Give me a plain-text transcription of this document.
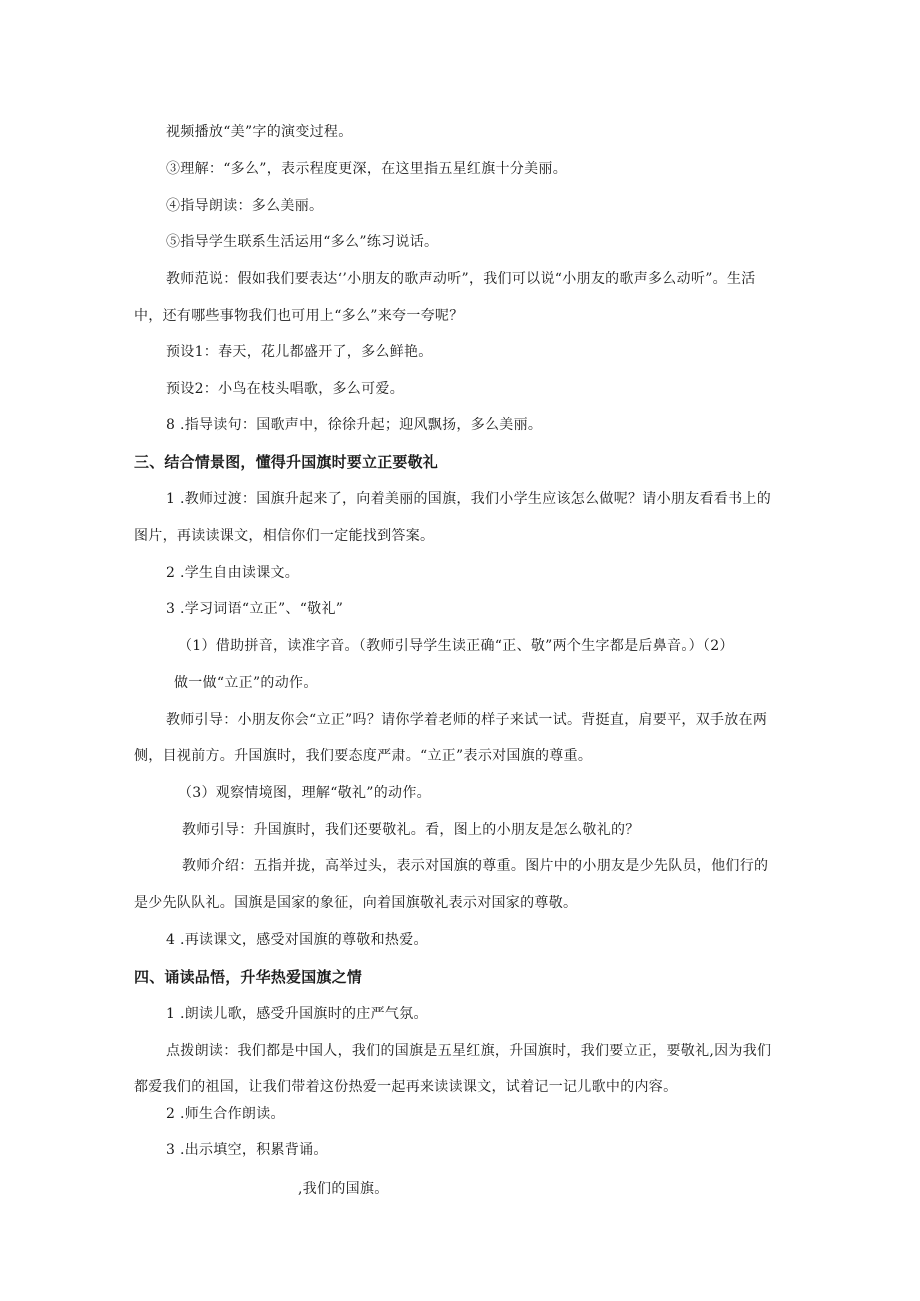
视频播放“美”字的演变过程。
③理解：“多么”，表示程度更深，在这里指五星红旗十分美丽。
④指导朗读：多么美丽。
⑤指导学生联系生活运用“多么”练习说话。
教师范说：假如我们要表达‘’小朋友的歌声动听”，我们可以说“小朋友的歌声多么动听”。生活
中，还有哪些事物我们也可用上“多么”来夸一夸呢？
预设1：春天，花儿都盛开了，多么鲜艳。
预设2：小鸟在枝头唱歌，多么可爱。
8 .指导读句：国歌声中，徐徐升起；迎风飘扬，多么美丽。
三、结合情景图，懂得升国旗时要立正要敬礼
1 .教师过渡：国旗升起来了，向着美丽的国旗，我们小学生应该怎么做呢？请小朋友看看书上的
图片，再读读课文，相信你们一定能找到答案。
2 .学生自由读课文。
3 .学习词语“立正”、“敬礼”
（1）借助拼音，读准字音。（教师引导学生读正确“正、敬”两个生字都是后鼻音。）（2）
做一做“立正”的动作。
教师引导：小朋友你会“立正”吗？请你学着老师的样子来试一试。背挺直，肩要平，双手放在两
侧，目视前方。升国旗时，我们要态度严肃。“立正”表示对国旗的尊重。
（3）观察情境图，理解“敬礼”的动作。
教师引导：升国旗时，我们还要敬礼。看，图上的小朋友是怎么敬礼的？
教师介绍：五指并拢，高举过头，表示对国旗的尊重。图片中的小朋友是少先队员，他们行的
是少先队队礼。国旗是国家的象征，向着国旗敬礼表示对国家的尊敬。
4 .再读课文，感受对国旗的尊敬和热爱。
四、诵读品悟，升华热爱国旗之情
1 .朗读儿歌，感受升国旗时的庄严气氛。
点拨朗读：我们都是中国人，我们的国旗是五星红旗，升国旗时，我们要立正，要敬礼,因为我们
都爱我们的祖国，让我们带着这份热爱一起再来读读课文，试着记一记儿歌中的内容。
2 .师生合作朗读。
3 .出示填空，积累背诵。
,我们的国旗。
